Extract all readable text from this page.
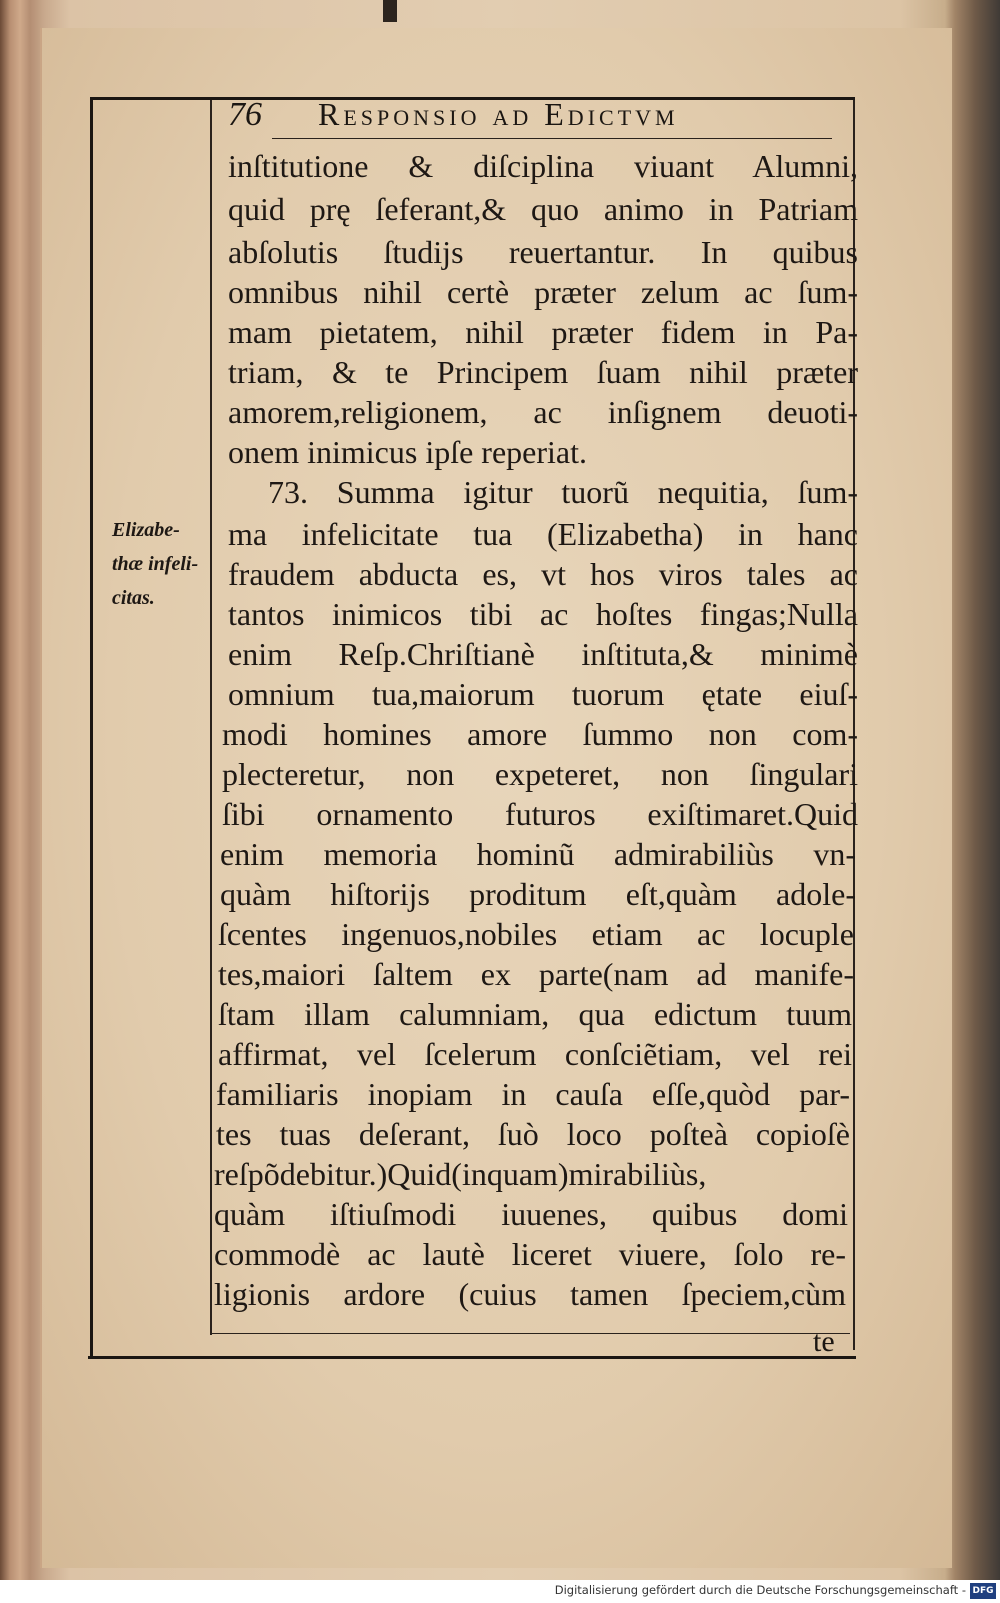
76 Responsio ad Edictvm
Elizabe-
thæ infeli-
citas.
inſtitutione & diſciplina viuant Alumni,
quid prę ſeferant,& quo animo in Patriam
abſolutis ſtudijs reuertantur. In quibus
omnibus nihil certè præter zelum ac ſum-
mam pietatem, nihil præter fidem in Pa-
triam, & te Principem ſuam nihil præter
amorem,religionem, ac inſignem deuoti-
onem inimicus ipſe reperiat.
73. Summa igitur tuorũ nequitia, ſum-
ma infelicitate tua (Elizabetha) in hanc
fraudem abducta es, vt hos viros tales ac
tantos inimicos tibi ac hoſtes fingas;Nulla
enim Reſp.Chriſtianè inſtituta,& minimè
omnium tua,maiorum tuorum ętate eiuſ-
modi homines amore ſummo non com-
plecteretur, non expeteret, non ſingulari
ſibi ornamento futuros exiſtimaret.Quid
enim memoria hominũ admirabiliùs vn-
quàm hiſtorijs proditum eſt,quàm adole-
ſcentes ingenuos,nobiles etiam ac locuple
tes,maiori ſaltem ex parte(nam ad manife-
ſtam illam calumniam, qua edictum tuum
affirmat, vel ſcelerum conſciẽtiam, vel rei
familiaris inopiam in cauſa eſſe,quòd par-
tes tuas deſerant, ſuò loco poſteà copioſè
reſpõdebitur.)Quid(inquam)mirabiliùs,
quàm iſtiuſmodi iuuenes, quibus domi
commodè ac lautè liceret viuere, ſolo re-
ligionis ardore (cuius tamen ſpeciem,cùm
te
Digitalisierung gefördert durch die Deutsche Forschungsgemeinschaft - DFG
